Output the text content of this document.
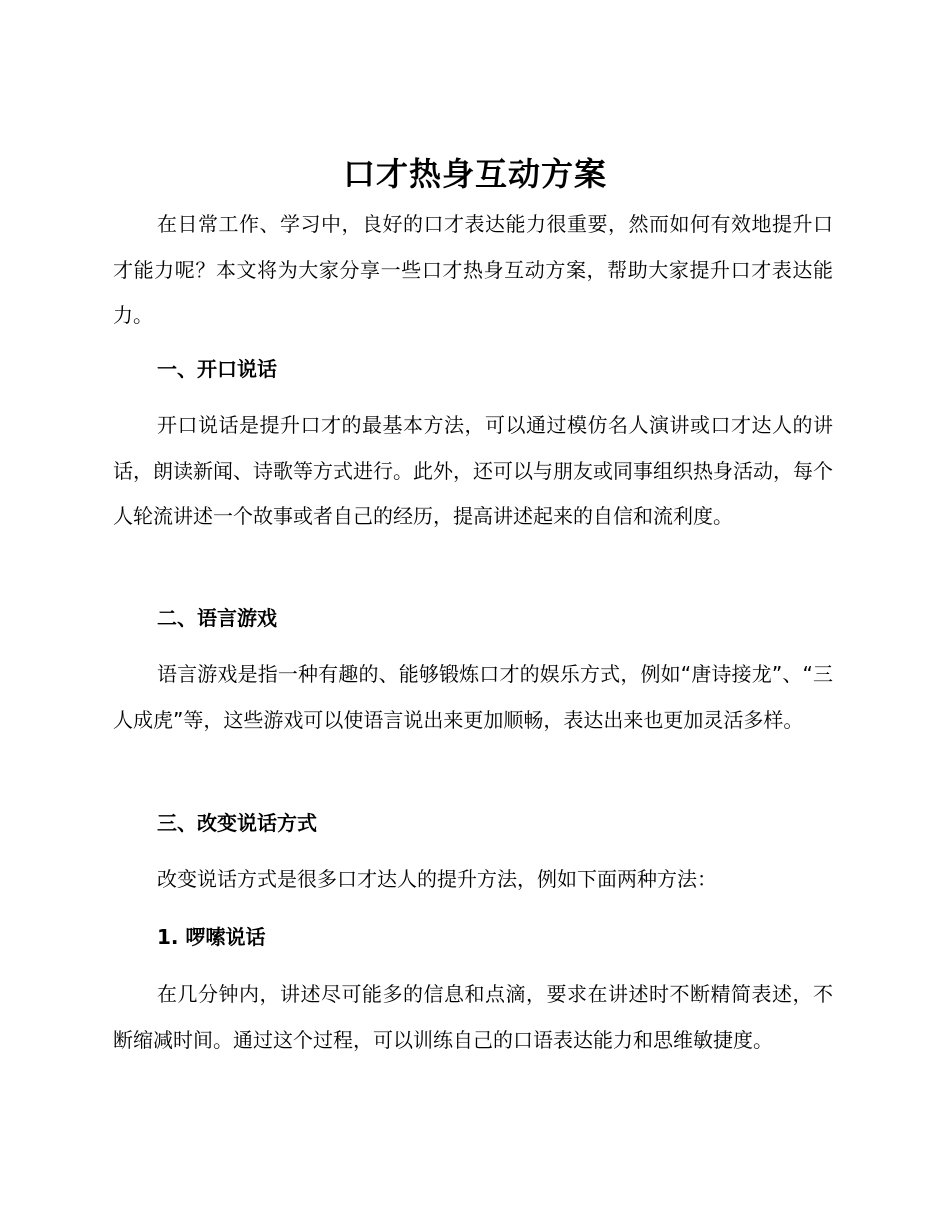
口才热身互动方案

在日常工作、学习中，良好的口才表达能力很重要，然而如何有效地提升口才能力呢？本文将为大家分享一些口才热身互动方案，帮助大家提升口才表达能力。

一、开口说话

开口说话是提升口才的最基本方法，可以通过模仿名人演讲或口才达人的讲话，朗读新闻、诗歌等方式进行。此外，还可以与朋友或同事组织热身活动，每个人轮流讲述一个故事或者自己的经历，提高讲述起来的自信和流利度。

二、语言游戏

语言游戏是指一种有趣的、能够锻炼口才的娱乐方式，例如“唐诗接龙”、“三人成虎”等，这些游戏可以使语言说出来更加顺畅，表达出来也更加灵活多样。

三、改变说话方式

改变说话方式是很多口才达人的提升方法，例如下面两种方法：

1. 啰嗦说话

在几分钟内，讲述尽可能多的信息和点滴，要求在讲述时不断精简表述，不断缩减时间。通过这个过程，可以训练自己的口语表达能力和思维敏捷度。
